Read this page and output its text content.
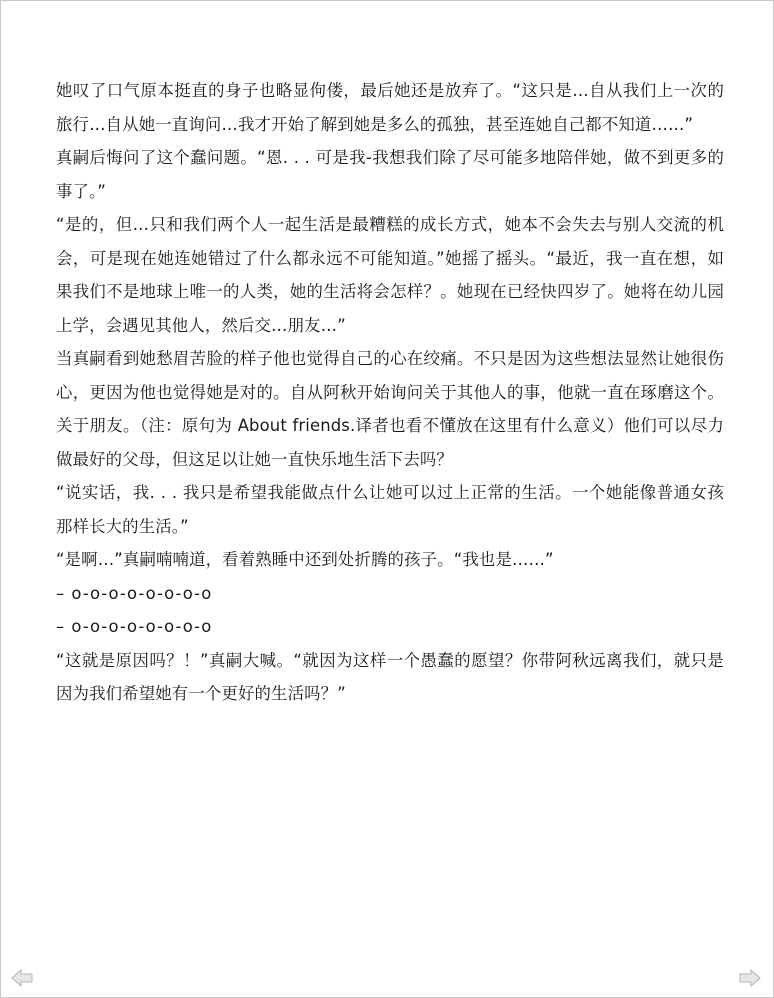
她叹了口气原本挺直的身子也略显佝偻，最后她还是放弃了。“这只是…自从我们上一次的旅行…自从她一直询问…我才开始了解到她是多么的孤独，甚至连她自己都不知道……”

真嗣后悔问了这个蠢问题。“恩. . . 可是我-我想我们除了尽可能多地陪伴她，做不到更多的事了。”

“是的，但…只和我们两个人一起生活是最糟糕的成长方式，她本不会失去与别人交流的机会，可是现在她连她错过了什么都永远不可能知道。”她摇了摇头。“最近，我一直在想，如果我们不是地球上唯一的人类，她的生活将会怎样？。她现在已经快四岁了。她将在幼儿园上学，会遇见其他人，然后交…朋友…”

当真嗣看到她愁眉苦脸的样子他也觉得自己的心在绞痛。不只是因为这些想法显然让她很伤心，更因为他也觉得她是对的。自从阿秋开始询问关于其他人的事，他就一直在琢磨这个。关于朋友。（注：原句为 About friends.译者也看不懂放在这里有什么意义）他们可以尽力做最好的父母，但这足以让她一直快乐地生活下去吗？

“说实话，我. . . 我只是希望我能做点什么让她可以过上正常的生活。一个她能像普通女孩那样长大的生活。”

“是啊…”真嗣喃喃道，看着熟睡中还到处折腾的孩子。“我也是……”

– o-o-o-o-o-o-o-o

– o-o-o-o-o-o-o-o

“这就是原因吗？！”真嗣大喊。“就因为这样一个愚蠢的愿望？你带阿秋远离我们，就只是因为我们希望她有一个更好的生活吗？”
